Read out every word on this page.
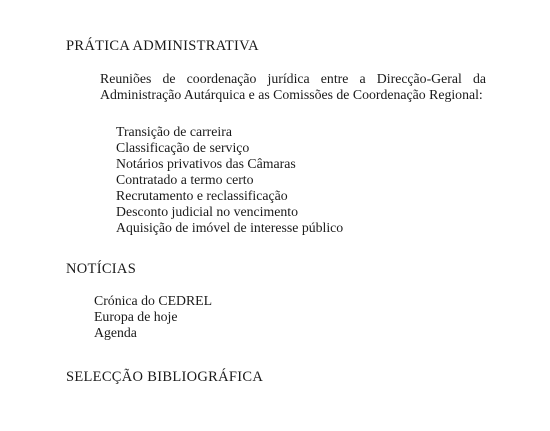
PRÁTICA ADMINISTRATIVA
Reuniões de coordenação jurídica entre a Direcção-Geral da Administração Autárquica e as Comissões de Coordenação Regional:
Transição de carreira
Classificação de serviço
Notários privativos das Câmaras
Contratado a termo certo
Recrutamento e reclassificação
Desconto judicial no vencimento
Aquisição de imóvel de interesse público
NOTÍCIAS
Crónica do CEDREL
Europa de hoje
Agenda
SELECÇÃO BIBLIOGRÁFICA
